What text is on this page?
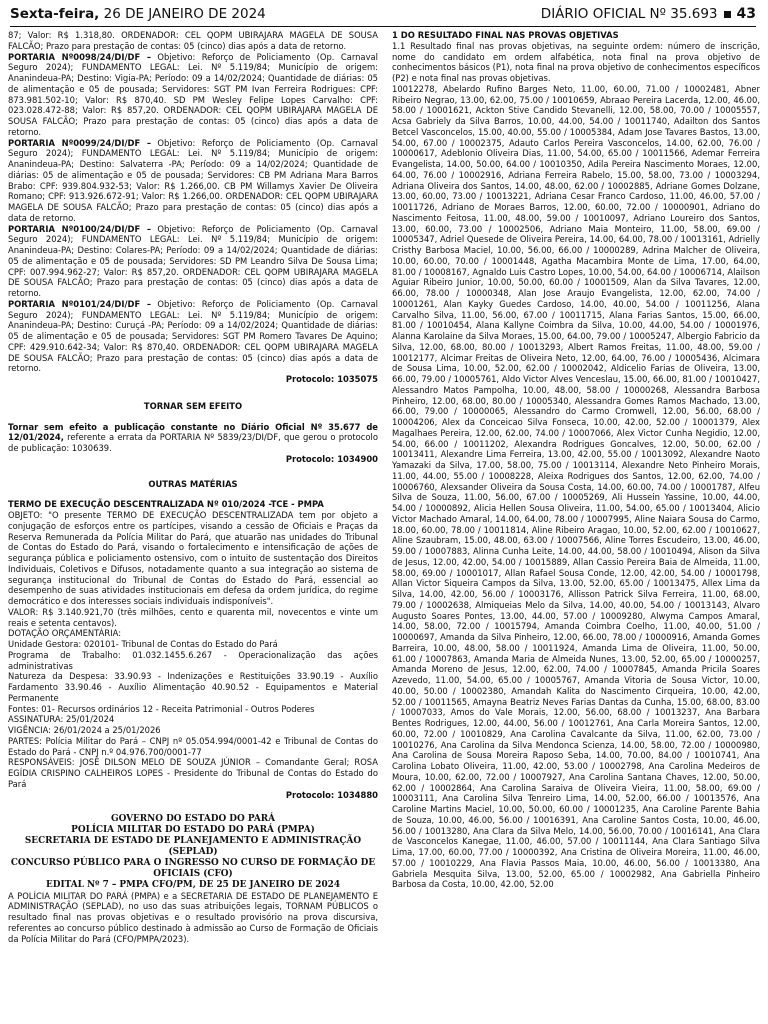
Sexta-feira, 26 DE JANEIRO DE 2024	DIÁRIO OFICIAL Nº 35.693 43

87; Valor: R$ 1.318,80. ORDENADOR: CEL QOPM UBIRAJARA MAGELA DE SOUSA FALCÃO; Prazo para prestação de contas: 05 (cinco) dias após a data de retorno.

PORTARIA Nº0098/24/DI/DF – Objetivo: Reforço de Policiamento (Op. Carnaval Seguro 2024); FUNDAMENTO LEGAL: Lei. Nº 5.119/84; Município de origem: Ananindeua-PA; Destino: Vigia-PA; Período: 09 a 14/02/2024; Quantidade de diárias: 05 de alimentação e 05 de pousada; Servidores: SGT PM Ivan Ferreira Rodrigues: CPF: 873.981.502-10; Valor: R$ 870,40. SD PM Wesley Felipe Lopes Carvalho: CPF: 023.028.472-88; Valor: R$ 857,20. ORDENADOR: CEL QOPM UBIRAJARA MAGELA DE SOUSA FALCÃO; Prazo para prestação de contas: 05 (cinco) dias após a data de retorno.

PORTARIA Nº0099/24/DI/DF – Objetivo: Reforço de Policiamento (Op. Carnaval Seguro 2024); FUNDAMENTO LEGAL: Lei. Nº 5.119/84; Município de origem: Ananindeua-PA; Destino: Salvaterra -PA; Período: 09 a 14/02/2024; Quantidade de diárias: 05 de alimentação e 05 de pousada; Servidores: CB PM Adriana Mara Barros Brabo: CPF: 939.804.932-53; Valor: R$ 1.266,00. CB PM Willamys Xavier De Oliveira Romano; CPF: 913.926.672-91; Valor: R$ 1.266,00. ORDENADOR: CEL QOPM UBIRAJARA MAGELA DE SOUSA FALCÃO; Prazo para prestação de contas: 05 (cinco) dias após a data de retorno.

PORTARIA Nº0100/24/DI/DF – Objetivo: Reforço de Policiamento (Op. Carnaval Seguro 2024); FUNDAMENTO LEGAL: Lei. Nº 5.119/84; Município de origem: Ananindeua-PA; Destino: Colares-PA; Período: 09 a 14/02/2024; Quantidade de diárias: 05 de alimentação e 05 de pousada; Servidores: SD PM Leandro Silva De Sousa Lima; CPF: 007.994.962-27; Valor: R$ 857,20. ORDENADOR: CEL QOPM UBIRAJARA MAGELA DE SOUSA FALCÃO; Prazo para prestação de contas: 05 (cinco) dias após a data de retorno.

PORTARIA Nº0101/24/DI/DF – Objetivo: Reforço de Policiamento (Op. Carnaval Seguro 2024); FUNDAMENTO LEGAL: Lei. Nº 5.119/84; Município de origem: Ananindeua-PA; Destino: Curuçá -PA; Período: 09 a 14/02/2024; Quantidade de diárias: 05 de alimentação e 05 de pousada; Servidores: SGT PM Romero Tavares De Aquino; CPF: 429.910.642-34; Valor: R$ 870,40. ORDENADOR: CEL QOPM UBIRAJARA MAGELA DE SOUSA FALCÃO; Prazo para prestação de contas: 05 (cinco) dias após a data de retorno.

Protocolo: 1035075

TORNAR SEM EFEITO

Tornar sem efeito a publicação constante no Diário Oficial Nº 35.677 de 12/01/2024, referente a errata da PORTARIA Nº 5839/23/DI/DF, que gerou o protocolo de publicação: 1030639.

Protocolo: 1034900

OUTRAS MATÉRIAS

TERMO DE EXECUÇÃO DESCENTRALIZADA Nº 010/2024 -TCE - PMPA

OBJETO: "O presente TERMO DE EXECUÇÃO DESCENTRALIZADA tem por objeto a conjugação de esforços entre os partícipes, visando a cessão de Oficiais e Praças da Reserva Remunerada da Polícia Militar do Pará, que atuarão nas unidades do Tribunal de Contas do Estado do Pará, visando o fortalecimento e intensificação de ações de segurança pública e policiamento ostensivo, com o intuito de sustentação dos Direitos Individuais, Coletivos e Difusos, notadamente quanto a sua integração ao sistema de segurança institucional do Tribunal de Contas do Estado do Pará, essencial ao desempenho de suas atividades institucionais em defesa da ordem jurídica, do regime democrático e dos interesses sociais individuais indisponíveis".

VALOR: R$ 3.140.921,70 (três milhões, cento e quarenta mil, novecentos e vinte um reais e setenta centavos).

DOTAÇÃO ORÇAMENTÁRIA:

Unidade Gestora: 020101- Tribunal de Contas do Estado do Pará

Programa de Trabalho: 01.032.1455.6.267 - Operacionalização das ações administrativas

Natureza da Despesa: 33.90.93 - Indenizações e Restituições 33.90.19 - Auxílio Fardamento 33.90.46 - Auxílio Alimentação 40.90.52 - Equipamentos e Material Permanente

Fontes: 01- Recursos ordinários 12 - Receita Patrimonial - Outros Poderes

ASSINATURA: 25/01/2024

VIGÊNCIA: 26/01/2024 a 25/01/2026

PARTES: Polícia Militar do Pará – CNPJ nº 05.054.994/0001-42 e Tribunal de Contas do Estado do Pará - CNPJ n.º 04.976.700/0001-77

RESPONSÁVEIS: JOSÉ DILSON MELO DE SOUZA JÚNIOR – Comandante Geral; ROSA EGÍDIA CRISPINO CALHEIROS LOPES - Presidente do Tribunal de Contas do Estado do Pará

Protocolo: 1034880

GOVERNO DO ESTADO DO PARÁ

POLÍCIA MILITAR DO ESTADO DO PARÁ (PMPA)

SECRETARIA DE ESTADO DE PLANEJAMENTO E ADMINISTRAÇÃO (SEPLAD)

CONCURSO PÚBLICO PARA O INGRESSO NO CURSO DE FORMAÇÃO DE OFICIAIS (CFO)

EDITAL Nº 7 – PMPA CFO/PM, DE 25 DE JANEIRO DE 2024

A POLÍCIA MILITAR DO PARÁ (PMPA) e a SECRETARIA DE ESTADO DE PLANEJAMENTO E ADMINISTRAÇÃO (SEPLAD), no uso das suas atribuições legais, TORNAM PÚBLICOS o resultado final nas provas objetivas e o resultado provisório na prova discursiva, referentes ao concurso público destinado à admissão ao Curso de Formação de Oficiais da Polícia Militar do Pará (CFO/PMPA/2023).

1 DO RESULTADO FINAL NAS PROVAS OBJETIVAS

1.1 Resultado final nas provas objetivas, na seguinte ordem: número de inscrição, nome do candidato em ordem alfabética, nota final na prova objetivo de conhecimentos básicos (P1), nota final na prova objetivo de conhecimentos específicos (P2) e nota final nas provas objetivas.

10012278, Abelardo Rufino Barges Neto, 11.00, 60.00, 71.00 / 10002481, Abner Ribeiro Negrao, 13.00, 62.00, 75.00 / 10010659, Abraao Pereira Lacerda, 12.00, 46.00, 58.00 / 10001621, Ackton Stive Candido Stevanelli, 12.00, 58.00, 70.00 / 10005557, Acsa Gabriely da Silva Barros, 10.00, 44.00, 54.00 / 10011740, Adailton dos Santos Betcel Vasconcelos, 15.00, 40.00, 55.00 / 10005384, Adam Jose Tavares Bastos, 13.00, 54.00, 67.00 / 10002375, Adauto Carlos Pereira Vasconcelos, 14.00, 62.00, 76.00 / 10000617, Adeblonio Oliveira Dias, 11.00, 54.00, 65.00 / 10011566, Ademar Ferreira Evangelista, 14.00, 50.00, 64.00 / 10010350, Adila Pereira Nascimento Moraes, 12.00, 64.00, 76.00 / 10002916, Adriana Ferreira Rabelo, 15.00, 58.00, 73.00 / 10003294, Adriana Oliveira dos Santos, 14.00, 48.00, 62.00 / 10002885, Adriane Gomes Dolzane, 13.00, 60.00, 73.00 / 10013221, Adriana Cesar Franco Cardoso, 11.00, 46.00, 57.00 / 10011726, Adriano de Moraes Barros, 12.00, 60.00, 72.00 / 10000901, Adriano do Nascimento Feitosa, 11.00, 48.00, 59.00 / 10010097, Adriano Loureiro dos Santos, 13.00, 60.00, 73.00 / 10002506, Adriano Maia Monteiro, 11.00, 58.00, 69.00 / 10005347, Adriel Quesede de Oliveira Pereira, 14.00, 64.00, 78.00 / 10013161, Adrielly Cristhy Barbosa Maciel, 10.00, 56.00, 66.00 / 10000289, Adrina Malcher de Oliveira, 10.00, 60.00, 70.00 / 10001448, Agatha Macambira Monte de Lima, 17.00, 64.00, 81.00 / 10008167, Agnaldo Luis Castro Lopes, 10.00, 54.00, 64.00 / 10006714, Alailson Aguiar Ribeiro Junior, 10.00, 50.00, 60.00 / 10001509, Alan da Silva Tavares, 12.00, 66.00, 78.00 / 10000348, Alan Jose Araujo Evangelista, 12.00, 62.00, 74.00 / 10001261, Alan Kayky Guedes Cardoso, 14.00, 40.00, 54.00 / 10011256, Alana Carvalho Silva, 11.00, 56.00, 67.00 / 10011715, Alana Farias Santos, 15.00, 66.00, 81.00 / 10010454, Alana Kallyne Coimbra da Silva, 10.00, 44.00, 54.00 / 10001976, Alanna Karolaine da Silva Moraes, 15.00, 64.00, 79.00 / 10005247, Albergio Fabricio da Silva, 12.00, 68.00, 80.00 / 10013293, Albert Ramos Freitas, 11.00, 48.00, 59.00 / 10012177, Alcimar Freitas de Oliveira Neto, 12.00, 64.00, 76.00 / 10005436, Alcimara de Sousa Lima, 10.00, 52.00, 62.00 / 10002042, Aldicelio Farias de Oliveira, 13.00, 66.00, 79.00 / 10005761, Aldo Victor Alves Venceslau, 15.00, 66.00, 81.00 / 10010427, Alessandro Matos Pampolha, 10.00, 48.00, 58.00 / 10000268, Alessandra Barbosa Pinheiro, 12.00, 68.00, 80.00 / 10005340, Alessandra Gomes Ramos Machado, 13.00, 66.00, 79.00 / 10000065, Alessandro do Carmo Cromwell, 12.00, 56.00, 68.00 / 10004206, Alex da Conceicao Silva Fonseca, 10.00, 42.00, 52.00 / 10001379, Alex Magalhaes Pereira, 12.00, 62.00, 74.00 / 10007066, Alex Victor Cunha Negidio, 12.00, 54.00, 66.00 / 10011202, Alexandra Rodrigues Goncalves, 12.00, 50.00, 62.00 / 10013411, Alexandre Lima Ferreira, 13.00, 42.00, 55.00 / 10013092, Alexandre Naoto Yamazaki da Silva, 17.00, 58.00, 75.00 / 10013114, Alexandre Neto Pinheiro Morais, 11.00, 44.00, 55.00 / 10008228, Aleixa Rodrigues dos Santos, 12.00, 62.00, 74.00 / 10006760, Alexsander Oliveira da Sousa Costa, 14.00, 60.00, 74.00 / 10001787, Alfeu Silva de Souza, 11.00, 56.00, 67.00 / 10005269, Ali Hussein Yassine, 10.00, 44.00, 54.00 / 10000892, Alicia Hellen Sousa Oliveira, 11.00, 54.00, 65.00 / 10013404, Alicio Victor Machado Amaral, 14.00, 64.00, 78.00 / 10007995, Aline Naiara Sousa do Carmo, 18.00, 60.00, 78.00 / 10011814, Aline Ribeiro Aragao, 10.00, 52.00, 62.00 / 10010627, Aline Szaubram, 15.00, 48.00, 63.00 / 10007566, Aline Torres Escudeiro, 13.00, 46.00, 59.00 / 10007883, Alinna Cunha Leite, 14.00, 44.00, 58.00 / 10010494, Alison da Silva de Jesus, 12.00, 42.00, 54.00 / 10015889, Allan Cassio Pereira Baia de Almeida, 11.00, 58.00, 69.00 / 10001017, Allan Rafael Sousa Conde, 12.00, 42.00, 54.00 / 10001798, Allan Victor Siqueira Campos da Silva, 13.00, 52.00, 65.00 / 10013475, Allex Lima da Silva, 14.00, 42.00, 56.00 / 10003176, Allisson Patrick Silva Ferreira, 11.00, 68.00, 79.00 / 10002638, Almiqueias Melo da Silva, 14.00, 40.00, 54.00 / 10013143, Alvaro Augusto Soares Pontes, 13.00, 44.00, 57.00 / 10009280, Alwyma Campos Amaral, 14.00, 58.00, 72.00 / 10015794, Amanda Coimbra Coelho, 11.00, 40.00, 51.00 / 10000697, Amanda da Silva Pinheiro, 12.00, 66.00, 78.00 / 10000916, Amanda Gomes Barreira, 10.00, 48.00, 58.00 / 10011924, Amanda Lima de Oliveira, 11.00, 50.00, 61.00 / 10007863, Amanda Maria de Almeida Nunes, 13.00, 52.00, 65.00 / 10000257, Amanda Moreno de Jesus, 12.00, 62.00, 74.00 / 10007845, Amanda Pricila Soares Azevedo, 11.00, 54.00, 65.00 / 10005767, Amanda Vitoria de Sousa Victor, 10.00, 40.00, 50.00 / 10002380, Amandah Kalita do Nascimento Cirqueira, 10.00, 42.00, 52.00 / 10011565, Amayna Beatriz Neves Farias Dantas da Cunha, 15.00, 68.00, 83.00 / 10007033, Amos do Vale Morais, 12.00, 56.00, 68.00 / 10013237, Ana Barbara Bentes Rodrigues, 12.00, 44.00, 56.00 / 10012761, Ana Carla Moreira Santos, 12.00, 60.00, 72.00 / 10010829, Ana Carolina Cavalcante da Silva, 11.00, 62.00, 73.00 / 10010276, Ana Carolina da Silva Mendonca Scienza, 14.00, 58.00, 72.00 / 10000980, Ana Carolina de Sousa Moreira Raposo Seba, 14.00, 70.00, 84.00 / 10010741, Ana Carolina Lobato Oliveira, 11.00, 42.00, 53.00 / 10002798, Ana Carolina Medeiros de Moura, 10.00, 62.00, 72.00 / 10007927, Ana Carolina Santana Chaves, 12.00, 50.00, 62.00 / 10002864, Ana Carolina Saraiva de Oliveira Vieira, 11.00, 58.00, 69.00 / 10003111, Ana Carolina Silva Tenreiro Lima, 14.00, 52.00, 66.00 / 10013576, Ana Caroline Martins Maciel, 10.00, 50.00, 60.00 / 10001235, Ana Caroline Parente Bahia de Souza, 10.00, 46.00, 56.00 / 10016391, Ana Caroline Santos Costa, 10.00, 46.00, 56.00 / 10013280, Ana Clara da Silva Melo, 14.00, 56.00, 70.00 / 10016141, Ana Clara de Vasconcelos Kanegae, 11.00, 46.00, 57.00 / 10011144, Ana Clara Santiago Silva Lima, 17.00, 60.00, 77.00 / 10000392, Ana Cristina de Oliveira Moreira, 11.00, 46.00, 57.00 / 10010229, Ana Flavia Passos Maia, 10.00, 46.00, 56.00 / 10013380, Ana Gabriela Mesquita Silva, 13.00, 52.00, 65.00 / 10002982, Ana Gabriella Pinheiro Barbosa da Costa, 10.00, 42.00, 52.00
